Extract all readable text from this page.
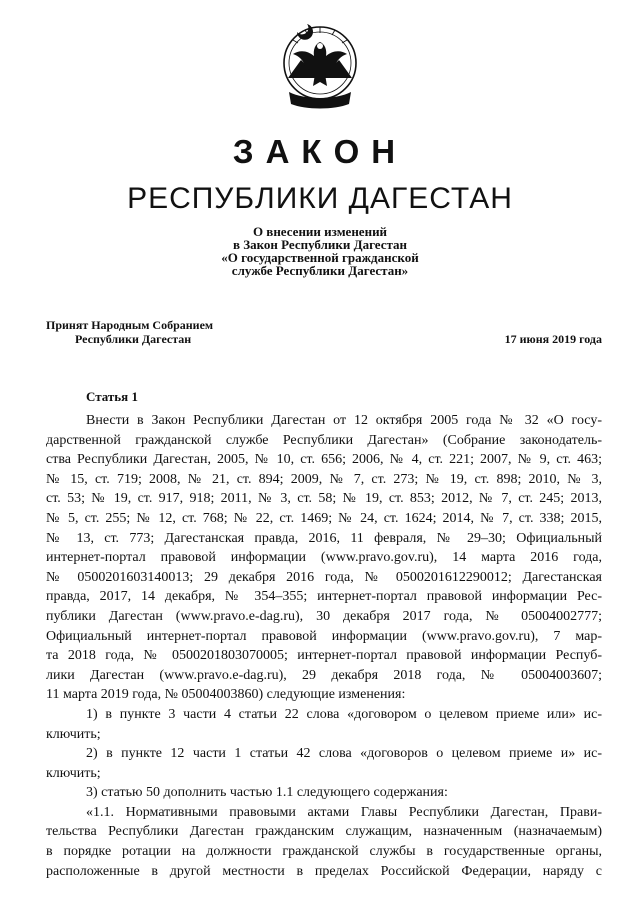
ЗАКОН
РЕСПУБЛИКИ ДАГЕСТАН
О внесении изменений
в Закон Республики Дагестан
«О государственной гражданской
службе Республики Дагестан»
Принят Народным Собранием
Республики Дагестан	17 июня 2019 года
Статья 1
Внести в Закон Республики Дагестан от 12 октября 2005 года № 32 «О госу-
дарственной гражданской службе Республики Дагестан» (Собрание законодатель-
ства Республики Дагестан, 2005, № 10, ст. 656; 2006, № 4, ст. 221; 2007, № 9, ст. 463;
№ 15, ст. 719; 2008, № 21, ст. 894; 2009, № 7, ст. 273; № 19, ст. 898; 2010, № 3,
ст. 53; № 19, ст. 917, 918; 2011, № 3, ст. 58; № 19, ст. 853; 2012, № 7, ст. 245; 2013,
№ 5, ст. 255; № 12, ст. 768; № 22, ст. 1469; № 24, ст. 1624; 2014, № 7, ст. 338; 2015,
№ 13, ст. 773; Дагестанская правда, 2016, 11 февраля, № 29–30; Официальный
интернет-портал правовой информации (www.pravo.gov.ru), 14 марта 2016 года,
№ 0500201603140013; 29 декабря 2016 года, № 0500201612290012; Дагестанская
правда, 2017, 14 декабря, № 354–355; интернет-портал правовой информации Рес-
публики Дагестан (www.pravo.e-dag.ru), 30 декабря 2017 года, № 05004002777;
Официальный интернет-портал правовой информации (www.pravo.gov.ru), 7 мар-
та 2018 года, № 0500201803070005; интернет-портал правовой информации Респуб-
лики Дагестан (www.pravo.e-dag.ru), 29 декабря 2018 года, № 05004003607;
11 марта 2019 года, № 05004003860) следующие изменения:
1) в пункте 3 части 4 статьи 22 слова «договором о целевом приеме или» ис-
ключить;
2) в пункте 12 части 1 статьи 42 слова «договоров о целевом приеме и» ис-
ключить;
3) статью 50 дополнить частью 1.1 следующего содержания:
«1.1. Нормативными правовыми актами Главы Республики Дагестан, Прави-
тельства Республики Дагестан гражданским служащим, назначенным (назначаемым)
в порядке ротации на должности гражданской службы в государственные органы,
расположенные в другой местности в пределах Российской Федерации, наряду с
